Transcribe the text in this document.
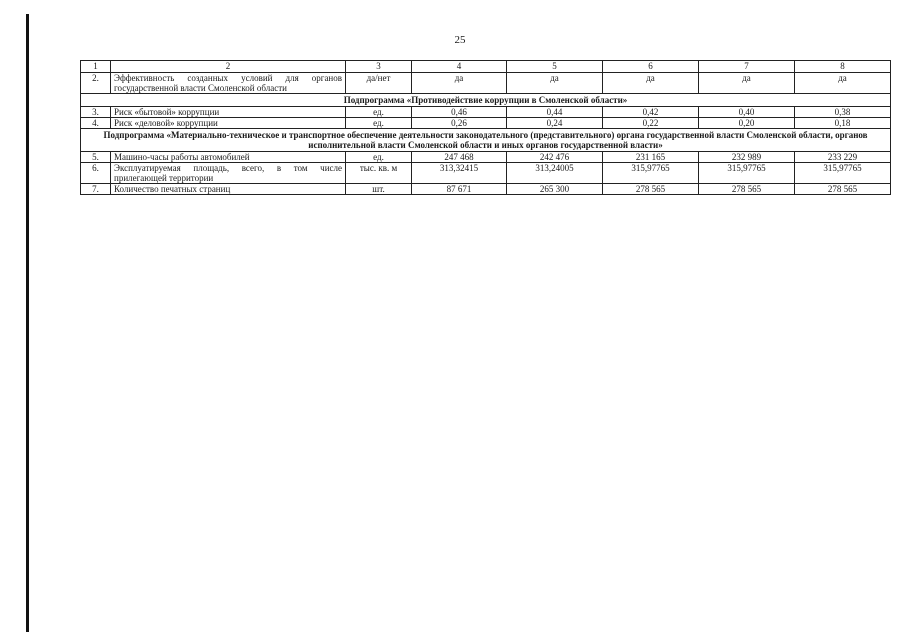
25
1	2	3	4	5	6	7	8
2.	Эффективность созданных условий для органов государственной власти Смоленской области	да/нет	да	да	да	да	да
Подпрограмма «Противодействие коррупции в Смоленской области»							
3.	Риск «бытовой» коррупции	ед.	0,46	0,44	0,42	0,40	0,38
4.	Риск «деловой» коррупции	ед.	0,26	0,24	0,22	0,20	0,18
Подпрограмма «Материально-техническое и транспортное обеспечение деятельности законодательного (представительного) органа государственной власти Смоленской области, органов исполнительной власти Смоленской области и иных органов государственной власти»							
5.	Машино-часы работы автомобилей	ед.	247 468	242 476	231 165	232 989	233 229
6.	Эксплуатируемая площадь, всего, в том числе прилегающей территории	тыс. кв. м	313,32415	313,24005	315,97765	315,97765	315,97765
7.	Количество печатных страниц	шт.	87 671	265 300	278 565	278 565	278 565
